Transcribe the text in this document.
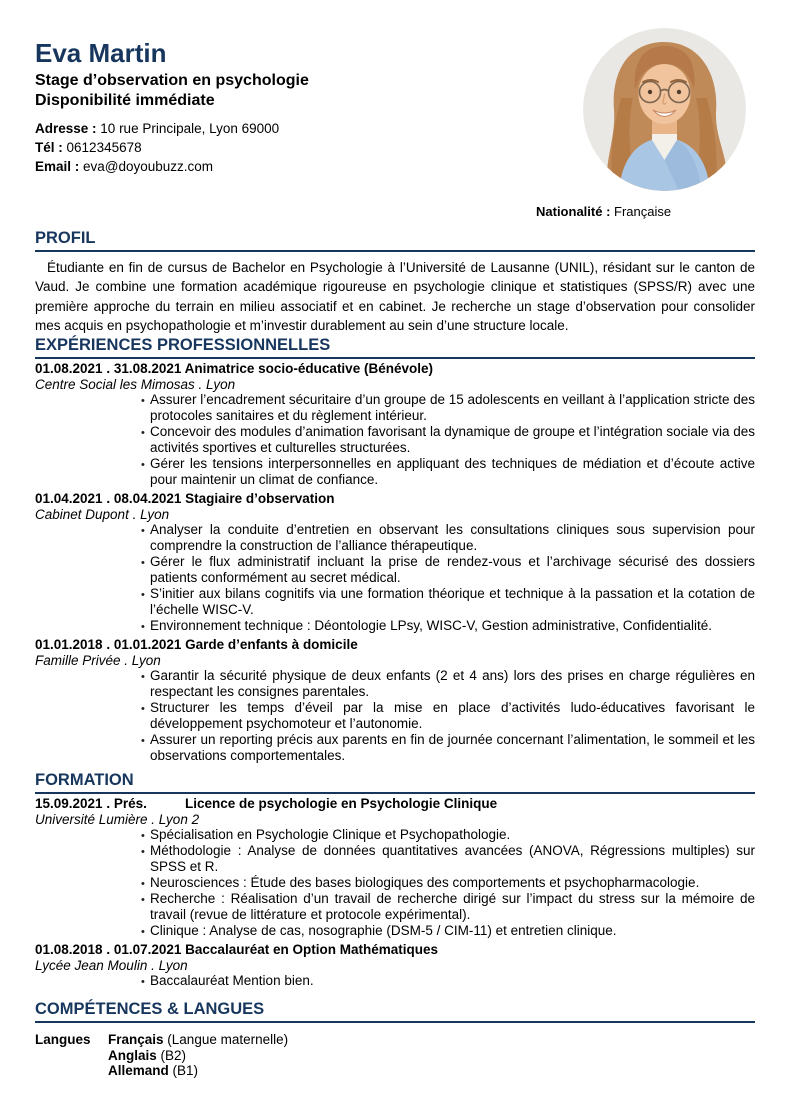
Eva Martin
Stage d’observation en psychologie
Disponibilité immédiate
Adresse : 10 rue Principale, Lyon 69000
Tél : 0612345678
Email : eva@doyoubuzz.com
Nationalité : Française
PROFIL

Étudiante en fin de cursus de Bachelor en Psychologie à l’Université de Lausanne (UNIL), résidant sur le canton de Vaud. Je combine une formation académique rigoureuse en psychologie clinique et statistiques (SPSS/R) avec une première approche du terrain en milieu associatif et en cabinet. Je recherche un stage d’observation pour consolider mes acquis en psychopathologie et m’investir durablement au sein d’une structure locale.

EXPÉRIENCES PROFESSIONNELLES
01.08.2021 . 31.08.2021 Animatrice socio-éducative (Bénévole)
Centre Social les Mimosas . Lyon
• Assurer l’encadrement sécuritaire d’un groupe de 15 adolescents en veillant à l’application stricte des protocoles sanitaires et du règlement intérieur.
• Concevoir des modules d’animation favorisant la dynamique de groupe et l’intégration sociale via des activités sportives et culturelles structurées.
• Gérer les tensions interpersonnelles en appliquant des techniques de médiation et d’écoute active pour maintenir un climat de confiance.
01.04.2021 . 08.04.2021 Stagiaire d’observation
Cabinet Dupont . Lyon
• Analyser la conduite d’entretien en observant les consultations cliniques sous supervision pour comprendre la construction de l’alliance thérapeutique.
• Gérer le flux administratif incluant la prise de rendez-vous et l’archivage sécurisé des dossiers patients conformément au secret médical.
• S’initier aux bilans cognitifs via une formation théorique et technique à la passation et la cotation de l’échelle WISC-V.
• Environnement technique : Déontologie LPsy, WISC-V, Gestion administrative, Confidentialité.
01.01.2018 . 01.01.2021 Garde d’enfants à domicile
Famille Privée . Lyon
• Garantir la sécurité physique de deux enfants (2 et 4 ans) lors des prises en charge régulières en respectant les consignes parentales.
• Structurer les temps d’éveil par la mise en place d’activités ludo-éducatives favorisant le développement psychomoteur et l’autonomie.
• Assurer un reporting précis aux parents en fin de journée concernant l’alimentation, le sommeil et les observations comportementales.
FORMATION
15.09.2021 . Prés.	Licence de psychologie en Psychologie Clinique
Université Lumière . Lyon 2
• Spécialisation en Psychologie Clinique et Psychopathologie.
• Méthodologie : Analyse de données quantitatives avancées (ANOVA, Régressions multiples) sur SPSS et R.
• Neurosciences : Étude des bases biologiques des comportements et psychopharmacologie.
• Recherche : Réalisation d’un travail de recherche dirigé sur l’impact du stress sur la mémoire de travail (revue de littérature et protocole expérimental).
• Clinique : Analyse de cas, nosographie (DSM-5 / CIM-11) et entretien clinique.
01.08.2018 . 01.07.2021 Baccalauréat en Option Mathématiques
Lycée Jean Moulin . Lyon
• Baccalauréat Mention bien.
COMPÉTENCES & LANGUES
Langues	Français (Langue maternelle)
Anglais (B2)
Allemand (B1)
